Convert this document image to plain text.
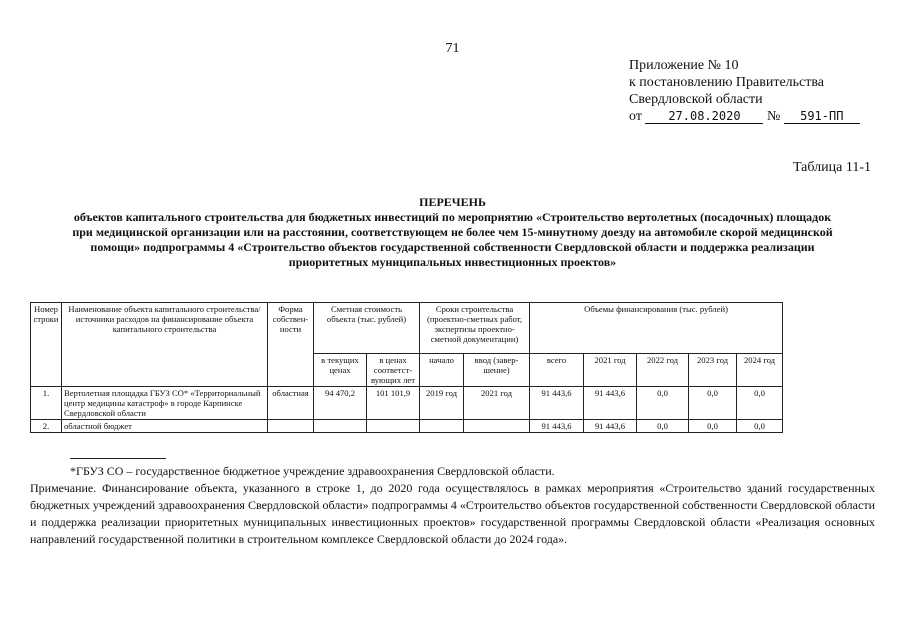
71
Приложение № 10
к постановлению Правительства
Свердловской области
от 27.08.2020 № 591-ПП
Таблица 11-1
ПЕРЕЧЕНЬ
объектов капитального строительства для бюджетных инвестиций по мероприятию «Строительство вертолетных (посадочных) площадок
при медицинской организации или на расстоянии, соответствующем не более чем 15-минутному доезду на автомобиле скорой медицинской
помощи» подпрограммы 4 «Строительство объектов государственной собственности Свердловской области и поддержка реализации
приоритетных муниципальных инвестиционных проектов»
Номер строки	Наименование объекта капитального строительства/ источники расходов на финансирование объекта капитального строительства	Форма собствен-ности	Сметная стоимость объекта (тыс. рублей)		Сроки строительства (проектно-сметных работ, экспертизы проектно-сметной документации)		Объемы финансирования (тыс. рублей)				
			в текущих ценах	в ценах соответст-вующих лет	начало	ввод (завер-шение)	всего	2021 год	2022 год	2023 год	2024 год
1.	Вертолетная площадка ГБУЗ СО* «Территориальный центр медицины катастроф» в городе Карпинске Свердловской области	областная	94 470,2	101 101,9	2019 год	2021 год	91 443,6	91 443,6	0,0	0,0	0,0
2.	областной бюджет						91 443,6	91 443,6	0,0	0,0	0,0
*ГБУЗ СО – государственное бюджетное учреждение здравоохранения Свердловской области.
Примечание. Финансирование объекта, указанного в строке 1, до 2020 года осуществлялось в рамках мероприятия «Строительство зданий государственных бюджетных учреждений здравоохранения Свердловской области» подпрограммы 4 «Строительство объектов государственной собственности Свердловской области и поддержка реализации приоритетных муниципальных инвестиционных проектов» государственной программы Свердловской области «Реализация основных направлений государственной политики в строительном комплексе Свердловской области до 2024 года».
